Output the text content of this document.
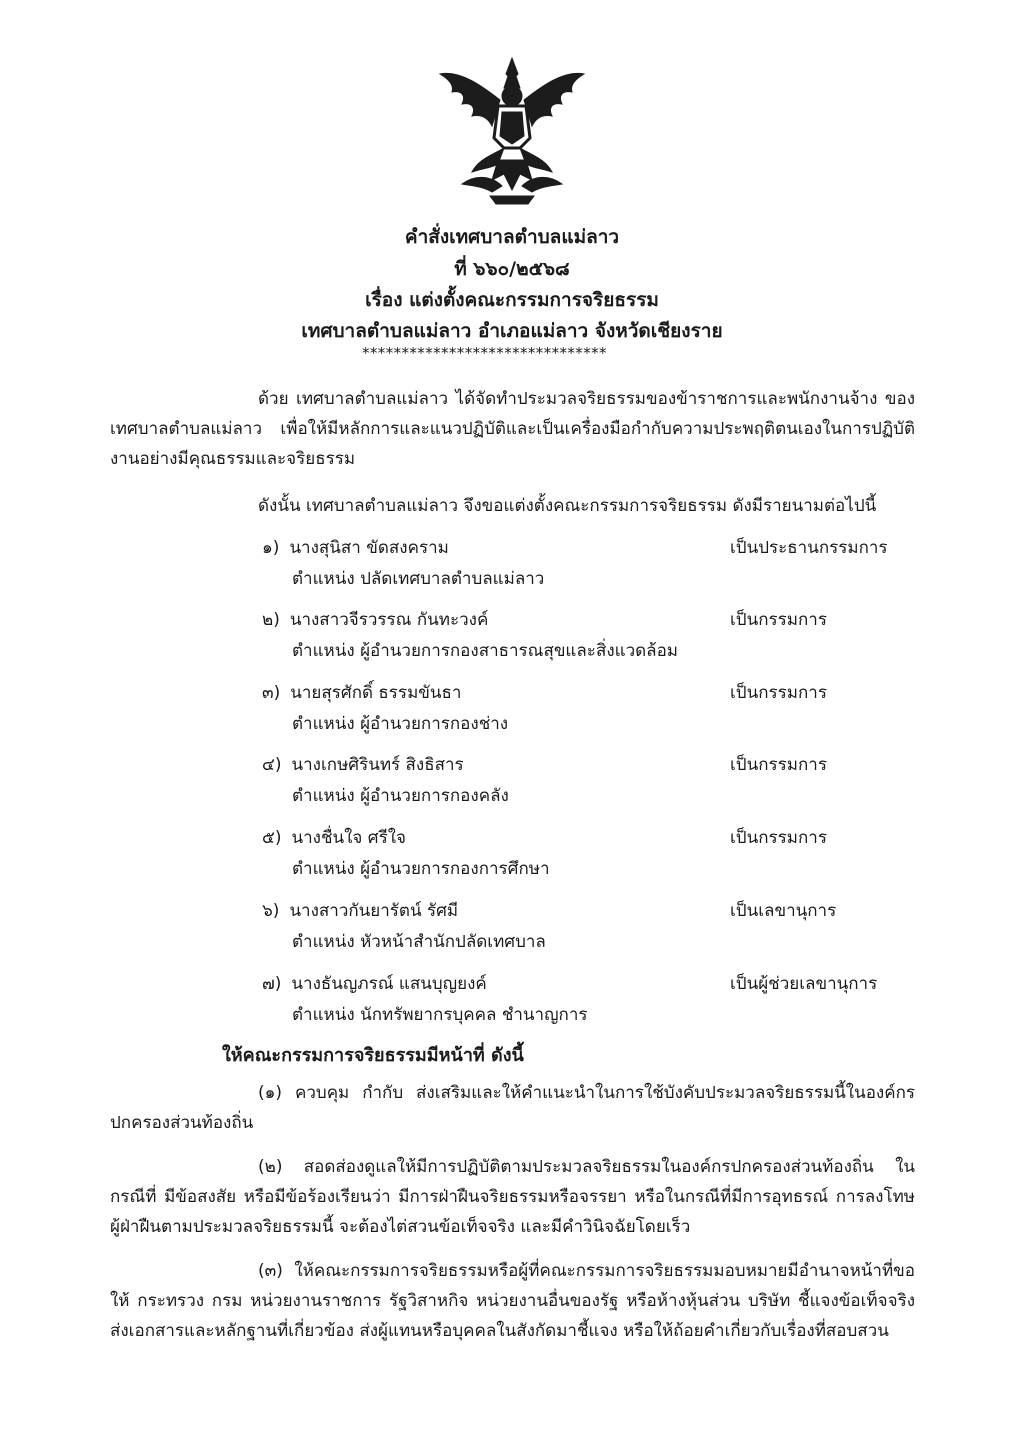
คำสั่งเทศบาลตำบลแม่ลาว
ที่ ๖๖๐/๒๕๖๘
เรื่อง แต่งตั้งคณะกรรมการจริยธรรม
เทศบาลตำบลแม่ลาว อำเภอแม่ลาว จังหวัดเชียงราย
*******************************
ด้วย เทศบาลตำบลแม่ลาว ได้จัดทำประมวลจริยธรรมของข้าราชการและพนักงานจ้าง ของเทศบาลตำบลแม่ลาว เพื่อให้มีหลักการและแนวปฏิบัติและเป็นเครื่องมือกำกับความประพฤติตนเองในการปฏิบัติงานอย่างมีคุณธรรมและจริยธรรม
ดังนั้น เทศบาลตำบลแม่ลาว จึงขอแต่งตั้งคณะกรรมการจริยธรรม ดังมีรายนามต่อไปนี้
๑) นางสุนิสา ขัดสงคราม	เป็นประธานกรรมการ
ตำแหน่ง ปลัดเทศบาลตำบลแม่ลาว
๒) นางสาวจีรวรรณ กันทะวงค์	เป็นกรรมการ
ตำแหน่ง ผู้อำนวยการกองสาธารณสุขและสิ่งแวดล้อม
๓) นายสุรศักดิ์ ธรรมขันธา	เป็นกรรมการ
ตำแหน่ง ผู้อำนวยการกองช่าง
๔) นางเกษศิรินทร์ สิงธิสาร	เป็นกรรมการ
ตำแหน่ง ผู้อำนวยการกองคลัง
๕) นางชื่นใจ ศรีใจ	เป็นกรรมการ
ตำแหน่ง ผู้อำนวยการกองการศึกษา
๖) นางสาวกันยารัตน์ รัศมี	เป็นเลขานุการ
ตำแหน่ง หัวหน้าสำนักปลัดเทศบาล
๗) นางธันญภรณ์ แสนบุญยงค์	เป็นผู้ช่วยเลขานุการ
ตำแหน่ง นักทรัพยากรบุคคล ชำนาญการ
ให้คณะกรรมการจริยธรรมมีหน้าที่ ดังนี้
(๑) ควบคุม กำกับ ส่งเสริมและให้คำแนะนำในการใช้บังคับประมวลจริยธรรมนี้ในองค์กร ปกครองส่วนท้องถิ่น
(๒) สอดส่องดูแลให้มีการปฏิบัติตามประมวลจริยธรรมในองค์กรปกครองส่วนท้องถิ่น ในกรณีที่ มีข้อสงสัย หรือมีข้อร้องเรียนว่า มีการฝ่าฝืนจริยธรรมหรือจรรยา หรือในกรณีที่มีการอุทธรณ์ การลงโทษ ผู้ฝ่าฝืนตามประมวลจริยธรรมนี้ จะต้องไต่สวนข้อเท็จจริง และมีคำวินิจฉัยโดยเร็ว
(๓) ให้คณะกรรมการจริยธรรมหรือผู้ที่คณะกรรมการจริยธรรมมอบหมายมีอำนาจหน้าที่ขอให้ กระทรวง กรม หน่วยงานราชการ รัฐวิสาหกิจ หน่วยงานอื่นของรัฐ หรือห้างหุ้นส่วน บริษัท ชี้แจงข้อเท็จจริง ส่งเอกสารและหลักฐานที่เกี่ยวข้อง ส่งผู้แทนหรือบุคคลในสังกัดมาชี้แจง หรือให้ถ้อยคำเกี่ยวกับเรื่องที่สอบสวน
